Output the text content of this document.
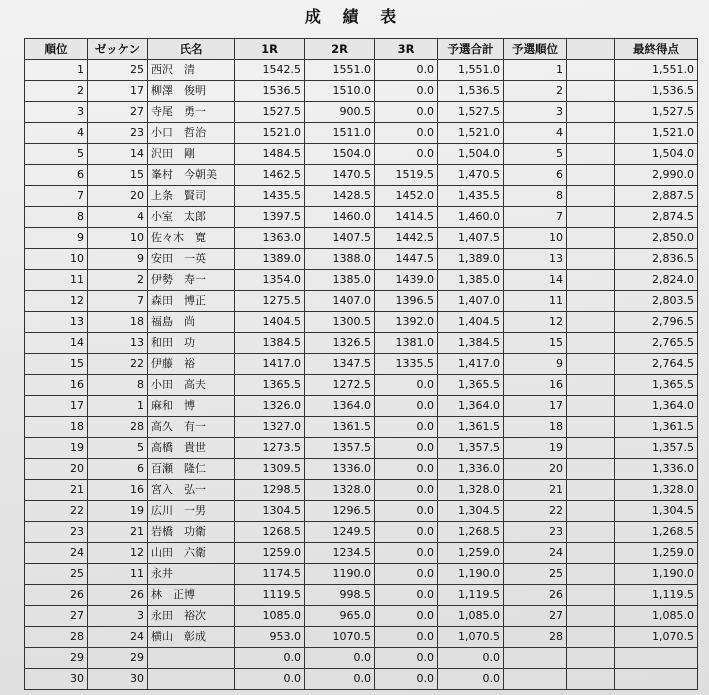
成 績 表
順位	ゼッケン	氏名	1R	2R	3R	予選合計	予選順位		最終得点
1	25	西沢　清	1542.5	1551.0	0.0	1,551.0	1		1,551.0
2	17	柳澤　俊明	1536.5	1510.0	0.0	1,536.5	2		1,536.5
3	27	寺尾　勇一	1527.5	900.5	0.0	1,527.5	3		1,527.5
4	23	小口　哲治	1521.0	1511.0	0.0	1,521.0	4		1,521.0
5	14	沢田　剛	1484.5	1504.0	0.0	1,504.0	5		1,504.0
6	15	峯村　今朝美	1462.5	1470.5	1519.5	1,470.5	6		2,990.0
7	20	上条　賢司	1435.5	1428.5	1452.0	1,435.5	8		2,887.5
8	4	小室　太郎	1397.5	1460.0	1414.5	1,460.0	7		2,874.5
9	10	佐々木　寛	1363.0	1407.5	1442.5	1,407.5	10		2,850.0
10	9	安田　一英	1389.0	1388.0	1447.5	1,389.0	13		2,836.5
11	2	伊勢　寿一	1354.0	1385.0	1439.0	1,385.0	14		2,824.0
12	7	森田　博正	1275.5	1407.0	1396.5	1,407.0	11		2,803.5
13	18	福島　尚	1404.5	1300.5	1392.0	1,404.5	12		2,796.5
14	13	和田　功	1384.5	1326.5	1381.0	1,384.5	15		2,765.5
15	22	伊藤　裕	1417.0	1347.5	1335.5	1,417.0	9		2,764.5
16	8	小田　高夫	1365.5	1272.5	0.0	1,365.5	16		1,365.5
17	1	麻和　博	1326.0	1364.0	0.0	1,364.0	17		1,364.0
18	28	高久　有一	1327.0	1361.5	0.0	1,361.5	18		1,361.5
19	5	高橋　貴世	1273.5	1357.5	0.0	1,357.5	19		1,357.5
20	6	百瀬　隆仁	1309.5	1336.0	0.0	1,336.0	20		1,336.0
21	16	宮入　弘一	1298.5	1328.0	0.0	1,328.0	21		1,328.0
22	19	広川　一男	1304.5	1296.5	0.0	1,304.5	22		1,304.5
23	21	岩橋　功衛	1268.5	1249.5	0.0	1,268.5	23		1,268.5
24	12	山田　六衛	1259.0	1234.5	0.0	1,259.0	24		1,259.0
25	11	永井	1174.5	1190.0	0.0	1,190.0	25		1,190.0
26	26	林　正博	1119.5	998.5	0.0	1,119.5	26		1,119.5
27	3	永田　裕次	1085.0	965.0	0.0	1,085.0	27		1,085.0
28	24	横山　彰成	953.0	1070.5	0.0	1,070.5	28		1,070.5
29	29		0.0	0.0	0.0	0.0			
30	30		0.0	0.0	0.0	0.0			
